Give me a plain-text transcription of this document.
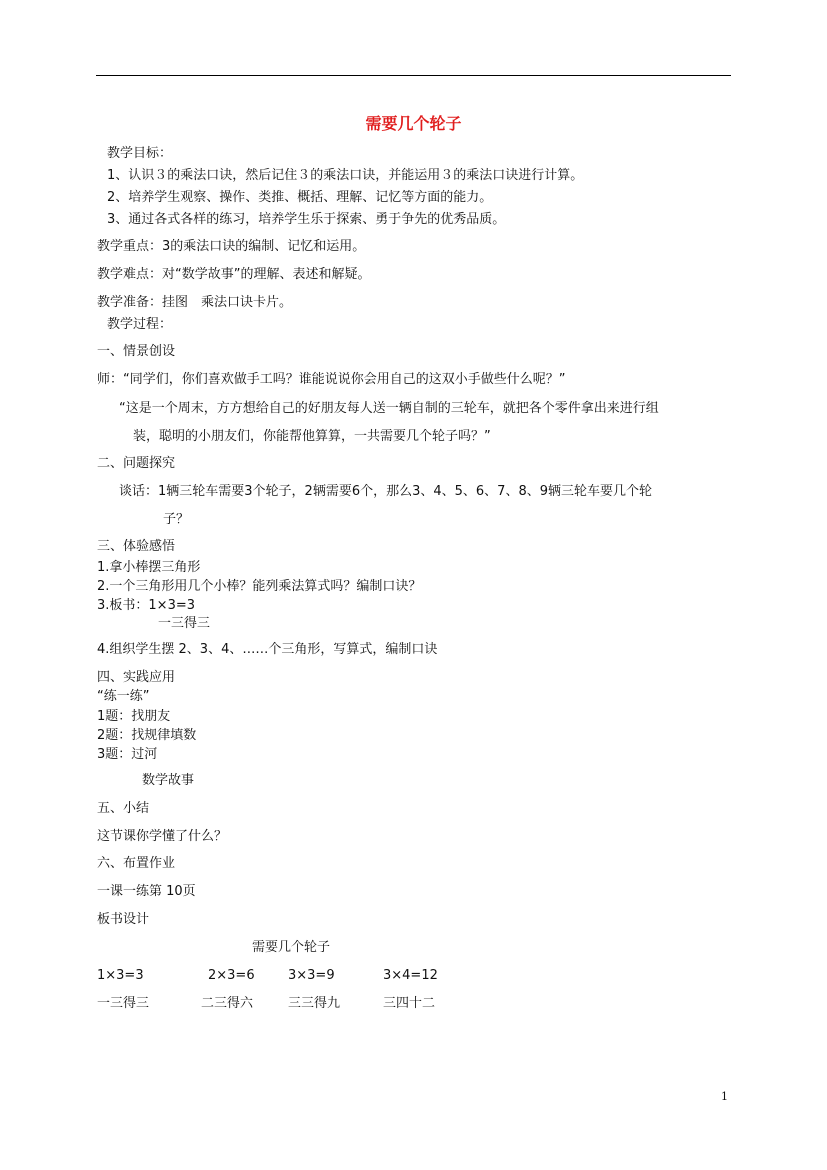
需要几个轮子
教学目标：
1、认识３的乘法口诀，然后记住３的乘法口诀，并能运用３的乘法口诀进行计算。
2、培养学生观察、操作、类推、概括、理解、记忆等方面的能力。
3、通过各式各样的练习，培养学生乐于探索、勇于争先的优秀品质。
教学重点：3的乘法口诀的编制、记忆和运用。
教学难点：对“数学故事”的理解、表述和解疑。
教学准备：挂图　乘法口诀卡片。
教学过程：
一、情景创设
师：“同学们，你们喜欢做手工吗？谁能说说你会用自己的这双小手做些什么呢？”
“这是一个周末，方方想给自己的好朋友每人送一辆自制的三轮车，就把各个零件拿出来进行组
装，聪明的小朋友们，你能帮他算算，一共需要几个轮子吗？”
二、问题探究
谈话：1辆三轮车需要3个轮子，2辆需要6个，那么3、4、5、6、7、8、9辆三轮车要几个轮
子？
三、体验感悟
1.拿小棒摆三角形
2.一个三角形用几个小棒？能列乘法算式吗？编制口诀？
3.板书：1×3=3
一三得三
4.组织学生摆 2、3、4、……个三角形，写算式，编制口诀
四、实践应用
“练一练”
1题：找朋友
2题：找规律填数
3题：过河
数学故事
五、小结
这节课你学懂了什么？
六、布置作业
一课一练第 10页
板书设计
需要几个轮子
1×3=3	2×3=6	3×3=9	3×4=12
一三得三	二三得六	三三得九	三四十二
1
